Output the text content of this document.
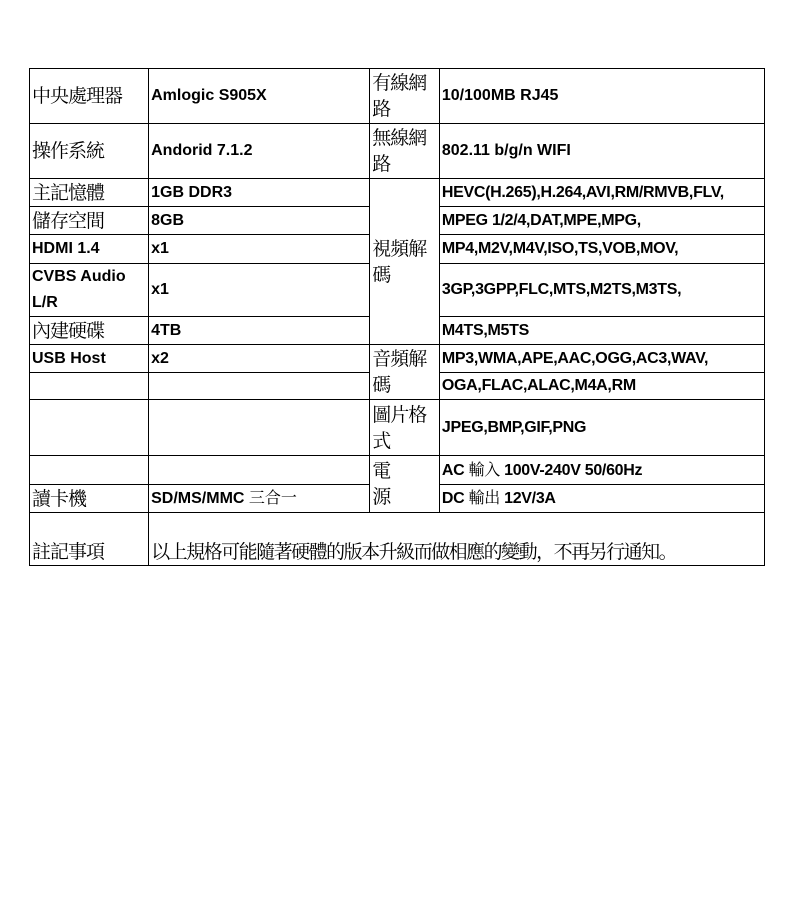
中央處理器	Amlogic S905X	有線網路	10/100MB RJ45
操作系統	Andorid 7.1.2	無線網路	802.11 b/g/n WIFI
主記憶體	1GB DDR3	視頻解碼	HEVC(H.265),H.264,AVI,RM/RMVB,FLV,
儲存空間	8GB		MPEG 1/2/4,DAT,MPE,MPG,
HDMI 1.4	x1		MP4,M2V,M4V,ISO,TS,VOB,MOV,
CVBS Audio L/R	x1		3GP,3GPP,FLC,MTS,M2TS,M3TS,
內建硬碟	4TB		M4TS,M5TS
USB Host	x2	音頻解碼	MP3,WMA,APE,AAC,OGG,AC3,WAV,
			OGA,FLAC,ALAC,M4A,RM
		圖片格式	JPEG,BMP,GIF,PNG
		電源	AC 輸入 100V-240V 50/60Hz
讀卡機	SD/MS/MMC 三合一		DC 輸出 12V/3A
註記事項	以上規格可能隨著硬體的版本升級而做相應的變動，不再另行通知。		
